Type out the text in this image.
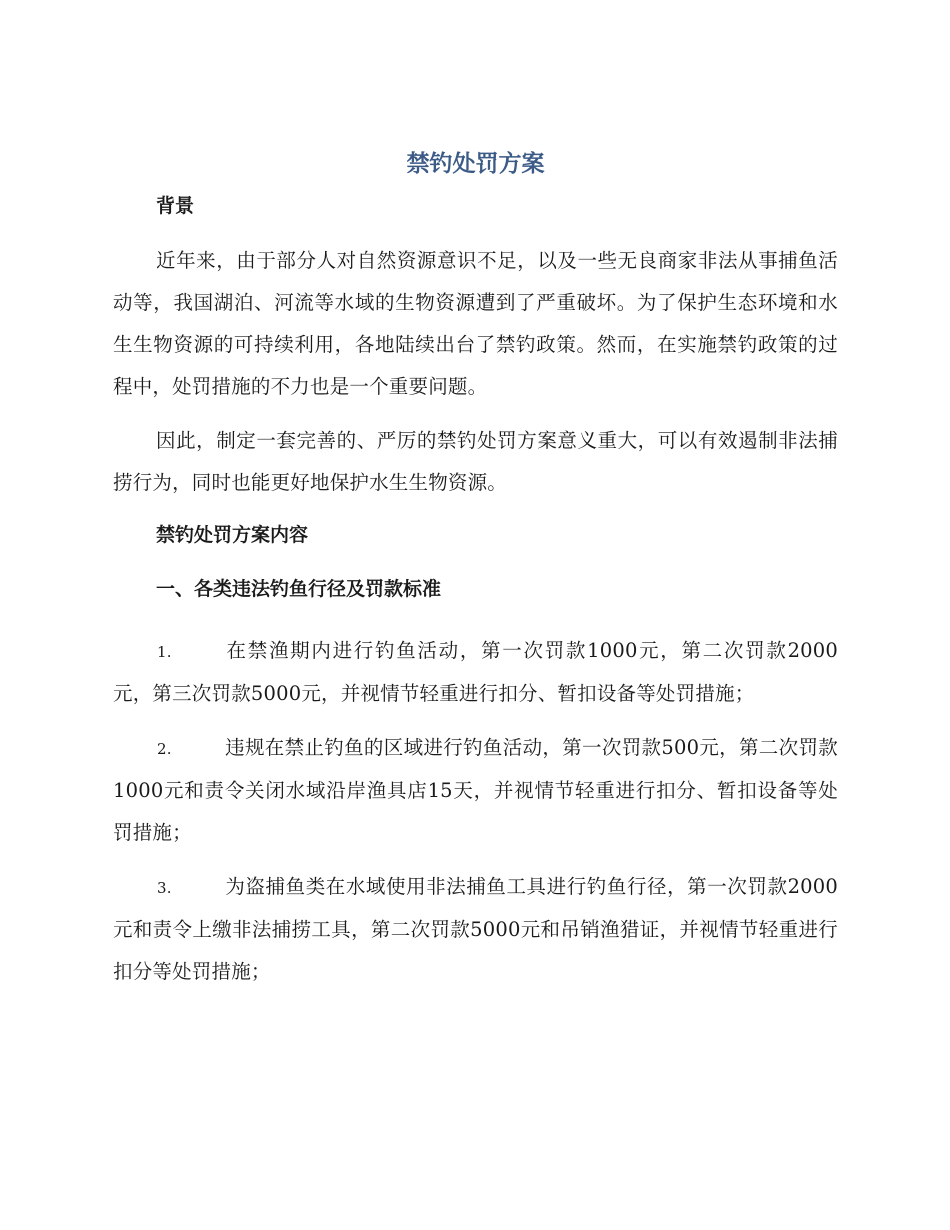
禁钓处罚方案

背景

近年来，由于部分人对自然资源意识不足，以及一些无良商家非法从事捕鱼活动等，我国湖泊、河流等水域的生物资源遭到了严重破坏。为了保护生态环境和水生生物资源的可持续利用，各地陆续出台了禁钓政策。然而，在实施禁钓政策的过程中，处罚措施的不力也是一个重要问题。

因此，制定一套完善的、严厉的禁钓处罚方案意义重大，可以有效遏制非法捕捞行为，同时也能更好地保护水生生物资源。

禁钓处罚方案内容

一、各类违法钓鱼行径及罚款标准

1.	在禁渔期内进行钓鱼活动，第一次罚款1000元，第二次罚款2000元，第三次罚款5000元，并视情节轻重进行扣分、暂扣设备等处罚措施；

2.	违规在禁止钓鱼的区域进行钓鱼活动，第一次罚款500元，第二次罚款1000元和责令关闭水域沿岸渔具店15天，并视情节轻重进行扣分、暂扣设备等处罚措施；

3.	为盗捕鱼类在水域使用非法捕鱼工具进行钓鱼行径，第一次罚款2000元和责令上缴非法捕捞工具，第二次罚款5000元和吊销渔猎证，并视情节轻重进行扣分等处罚措施；
